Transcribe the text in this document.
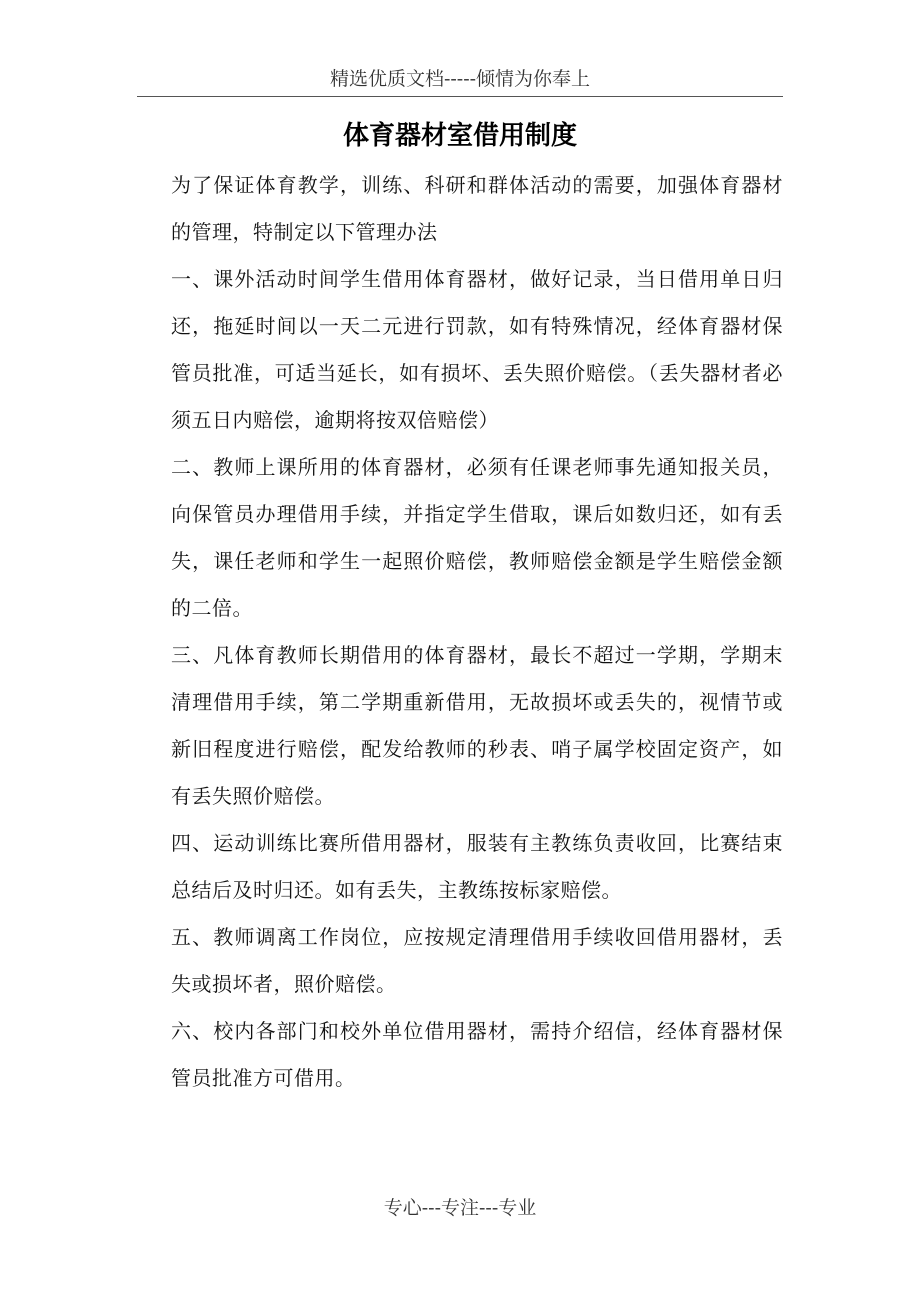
精选优质文档-----倾情为你奉上
体育器材室借用制度

为了保证体育教学，训练、科研和群体活动的需要，加强体育器材的管理，特制定以下管理办法

一、课外活动时间学生借用体育器材，做好记录，当日借用单日归还，拖延时间以一天二元进行罚款，如有特殊情况，经体育器材保管员批准，可适当延长，如有损坏、丢失照价赔偿。（丢失器材者必须五日内赔偿，逾期将按双倍赔偿）

二、教师上课所用的体育器材，必须有任课老师事先通知报关员，向保管员办理借用手续，并指定学生借取，课后如数归还，如有丢失，课任老师和学生一起照价赔偿，教师赔偿金额是学生赔偿金额的二倍。

三、凡体育教师长期借用的体育器材，最长不超过一学期，学期末清理借用手续，第二学期重新借用，无故损坏或丢失的，视情节或新旧程度进行赔偿，配发给教师的秒表、哨子属学校固定资产，如有丢失照价赔偿。

四、运动训练比赛所借用器材，服装有主教练负责收回，比赛结束总结后及时归还。如有丢失，主教练按标家赔偿。

五、教师调离工作岗位，应按规定清理借用手续收回借用器材，丢失或损坏者，照价赔偿。

六、校内各部门和校外单位借用器材，需持介绍信，经体育器材保管员批准方可借用。

专心---专注---专业
